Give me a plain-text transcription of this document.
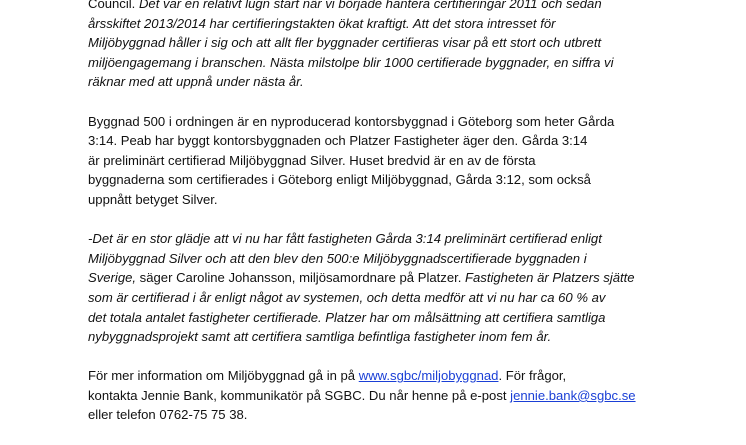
Council. Det var en relativt lugn start när vi började hantera certifieringar 2011 och sedan
årsskiftet 2013/2014 har certifieringstakten ökat kraftigt. Att det stora intresset för
Miljöbyggnad håller i sig och att allt fler byggnader certifieras visar på ett stort och utbrett
miljöengagemang i branschen. Nästa milstolpe blir 1000 certifierade byggnader, en siffra vi
räknar med att uppnå under nästa år.
Byggnad 500 i ordningen är en nyproducerad kontorsbyggnad i Göteborg som heter Gårda
3:14. Peab har byggt kontorsbyggnaden och Platzer Fastigheter äger den. Gårda 3:14
är preliminärt certifierad Miljöbyggnad Silver. Huset bredvid är en av de första
byggnaderna som certifierades i Göteborg enligt Miljöbyggnad, Gårda 3:12, som också
uppnått betyget Silver.
-Det är en stor glädje att vi nu har fått fastigheten Gårda 3:14 preliminärt certifierad enligt
Miljöbyggnad Silver och att den blev den 500:e Miljöbyggnadscertifierade byggnaden i
Sverige, säger Caroline Johansson, miljösamordnare på Platzer. Fastigheten är Platzers sjätte
som är certifierad i år enligt något av systemen, och detta medför att vi nu har ca 60 % av
det totala antalet fastigheter certifierade. Platzer har om målsättning att certifiera samtliga
nybyggnadsprojekt samt att certifiera samtliga befintliga fastigheter inom fem år.
För mer information om Miljöbyggnad gå in på www.sgbc/miljobyggnad. För frågor,
kontakta Jennie Bank, kommunikatör på SGBC. Du når henne på e-post jennie.bank@sgbc.se
eller telefon 0762-75 75 38.
